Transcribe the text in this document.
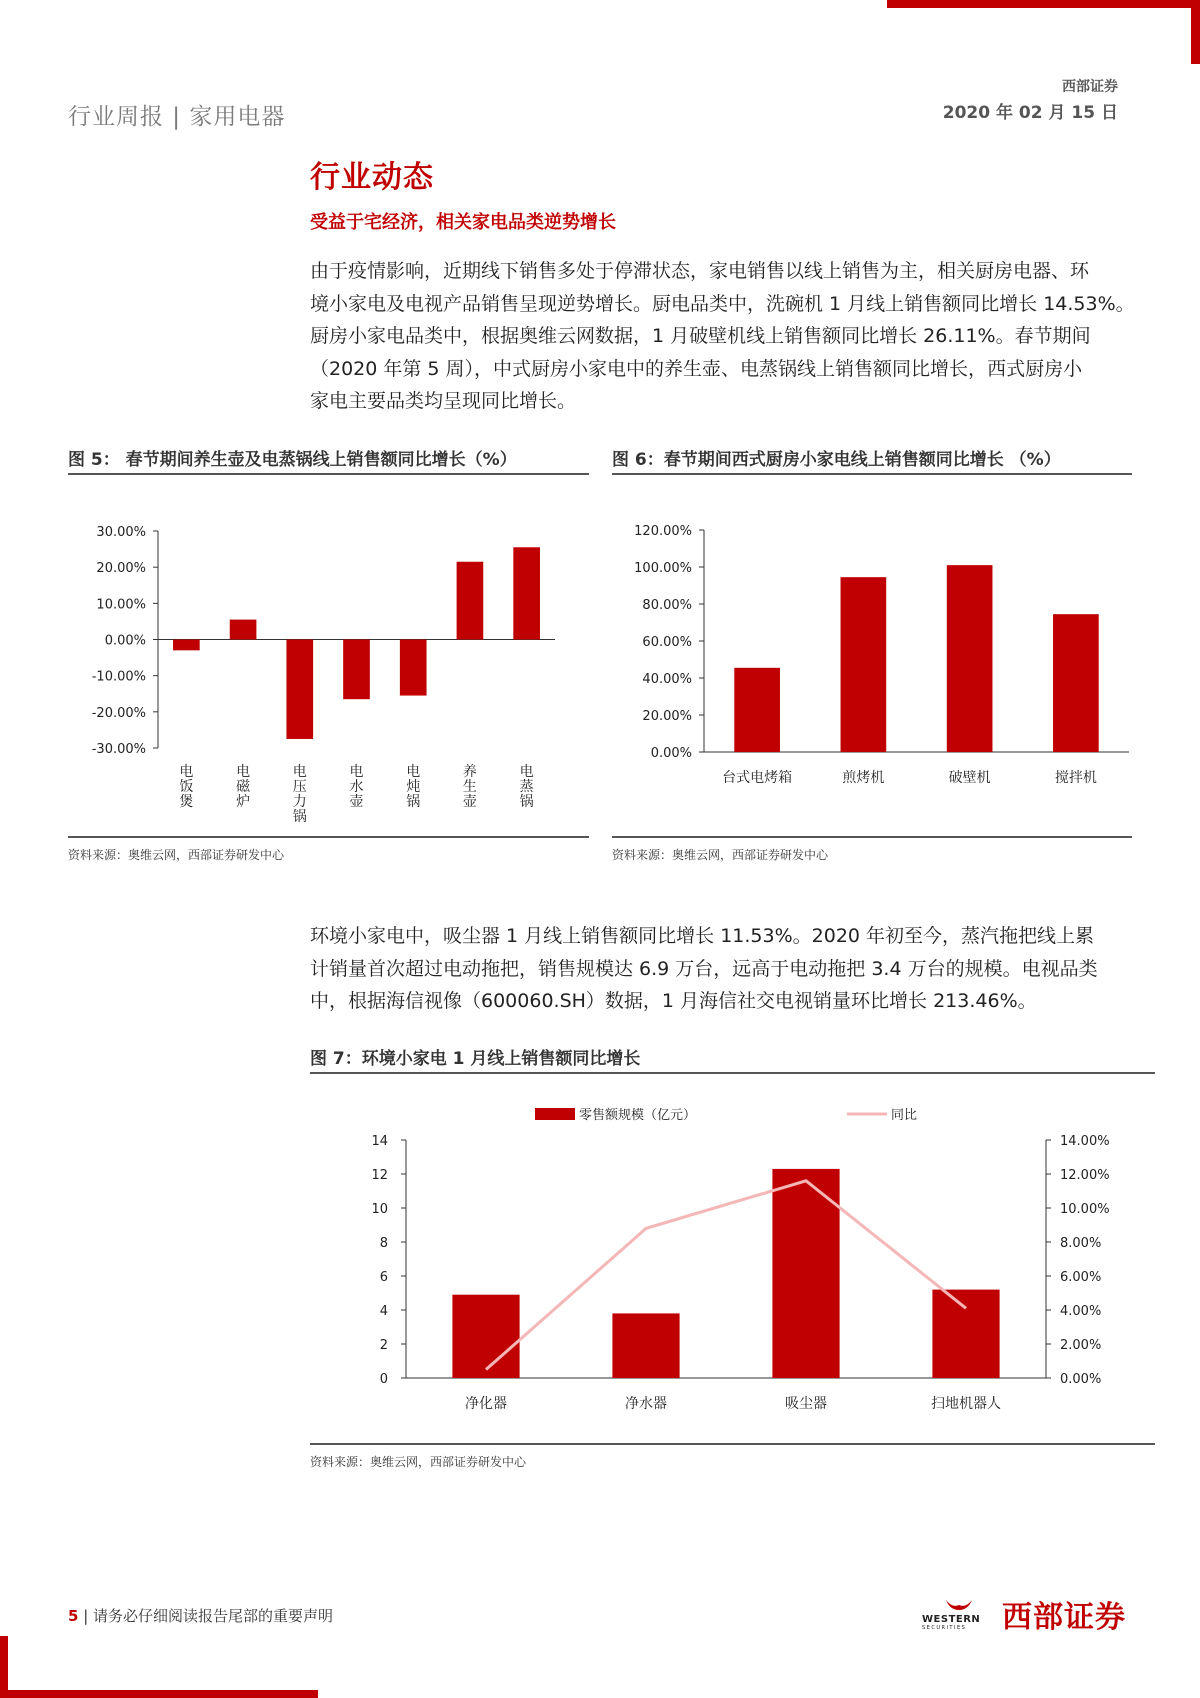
行业周报 | 家用电器
西部证券
2020 年 02 月 15 日
行业动态
受益于宅经济，相关家电品类逆势增长

由于疫情影响，近期线下销售多处于停滞状态，家电销售以线上销售为主，相关厨房电器、环

境小家电及电视产品销售呈现逆势增长。厨电品类中，洗碗机 1 月线上销售额同比增长 14.53%。

厨房小家电品类中，根据奥维云网数据，1 月破壁机线上销售额同比增长 26.11%。春节期间

（2020 年第 5 周），中式厨房小家电中的养生壶、电蒸锅线上销售额同比增长，西式厨房小

家电主要品类均呈现同比增长。

图 5： 春节期间养生壶及电蒸锅线上销售额同比增长（%）
30.00%
20.00%
10.00%
0.00%
-10.00%
-20.00%
-30.00%
电饭煲
电磁炉
电压力锅
电水壶
电炖锅
养生壶
电蒸锅
资料来源：奥维云网，西部证券研发中心
图 6：春节期间西式厨房小家电线上销售额同比增长 （%）
120.00%
100.00%
80.00%
60.00%
40.00%
20.00%
0.00%
台式电烤箱	煎烤机	破壁机	搅拌机
资料来源：奥维云网，西部证券研发中心

环境小家电中，吸尘器 1 月线上销售额同比增长 11.53%。2020 年初至今，蒸汽拖把线上累

计销量首次超过电动拖把，销售规模达 6.9 万台，远高于电动拖把 3.4 万台的规模。电视品类

中，根据海信视像（600060.SH）数据，1 月海信社交电视销量环比增长 213.46%。

图 7：环境小家电 1 月线上销售额同比增长
14
12
10
8
6
4
2
0
14.00%
12.00%
10.00%
8.00%
6.00%
4.00%
2.00%
0.00%
净化器	净水器	吸尘器	扫地机器人
零售额规模（亿元）	同比
资料来源：奥维云网，西部证券研发中心
5 | 请务必仔细阅读报告尾部的重要声明	WESTERN
SECURITIES	西部证券
